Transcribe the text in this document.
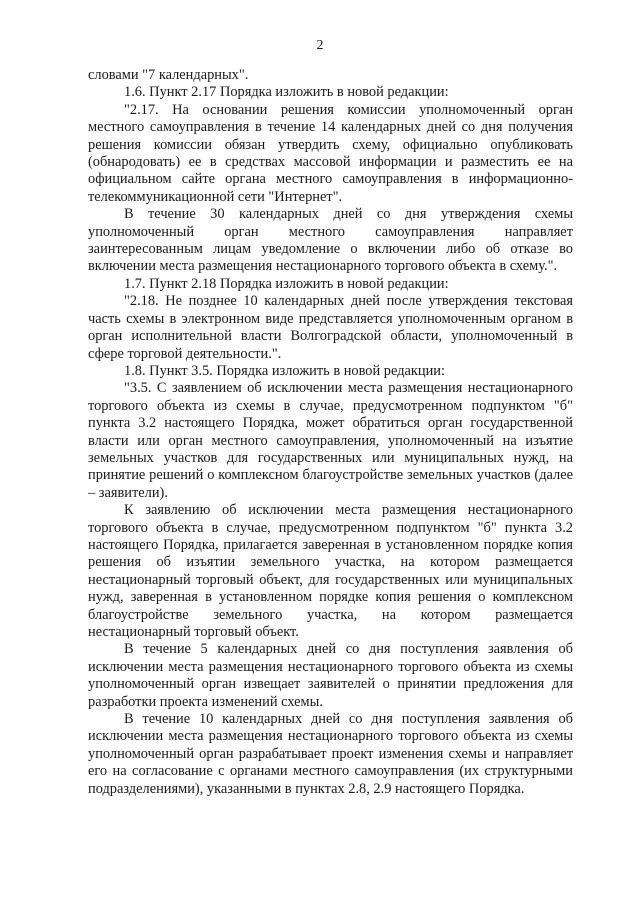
2

словами "7 календарных".

1.6. Пункт 2.17 Порядка изложить в новой редакции:

"2.17. На основании решения комиссии уполномоченный орган местного самоуправления в течение 14 календарных дней со дня получения решения комиссии обязан утвердить схему, официально опубликовать (обнародовать) ее в средствах массовой информации и разместить ее на официальном сайте органа местного самоуправления в информационно-телекоммуникационной сети "Интернет".

В течение 30 календарных дней со дня утверждения схемы уполномоченный орган местного самоуправления направляет заинтересованным лицам уведомление о включении либо об отказе во включении места размещения нестационарного торгового объекта в схему.".

1.7. Пункт 2.18 Порядка изложить в новой редакции:

"2.18. Не позднее 10 календарных дней после утверждения текстовая часть схемы в электронном виде представляется уполномоченным органом в орган исполнительной власти Волгоградской области, уполномоченный в сфере торговой деятельности.".

1.8. Пункт 3.5. Порядка изложить в новой редакции:

"3.5. С заявлением об исключении места размещения нестационарного торгового объекта из схемы в случае, предусмотренном подпунктом "б" пункта 3.2 настоящего Порядка, может обратиться орган государственной власти или орган местного самоуправления, уполномоченный на изъятие земельных участков для государственных или муниципальных нужд, на принятие решений о комплексном благоустройстве земельных участков (далее – заявители).

К заявлению об исключении места размещения нестационарного торгового объекта в случае, предусмотренном подпунктом "б" пункта 3.2 настоящего Порядка, прилагается заверенная в установленном порядке копия решения об изъятии земельного участка, на котором размещается нестационарный торговый объект, для государственных или муниципальных нужд, заверенная в установленном порядке копия решения о комплексном благоустройстве земельного участка, на котором размещается нестационарный торговый объект.

В течение 5 календарных дней со дня поступления заявления об исключении места размещения нестационарного торгового объекта из схемы уполномоченный орган извещает заявителей о принятии предложения для разработки проекта изменений схемы.

В течение 10 календарных дней со дня поступления заявления об исключении места размещения нестационарного торгового объекта из схемы уполномоченный орган разрабатывает проект изменения схемы и направляет его на согласование с органами местного самоуправления (их структурными подразделениями), указанными в пунктах 2.8, 2.9 настоящего Порядка.
